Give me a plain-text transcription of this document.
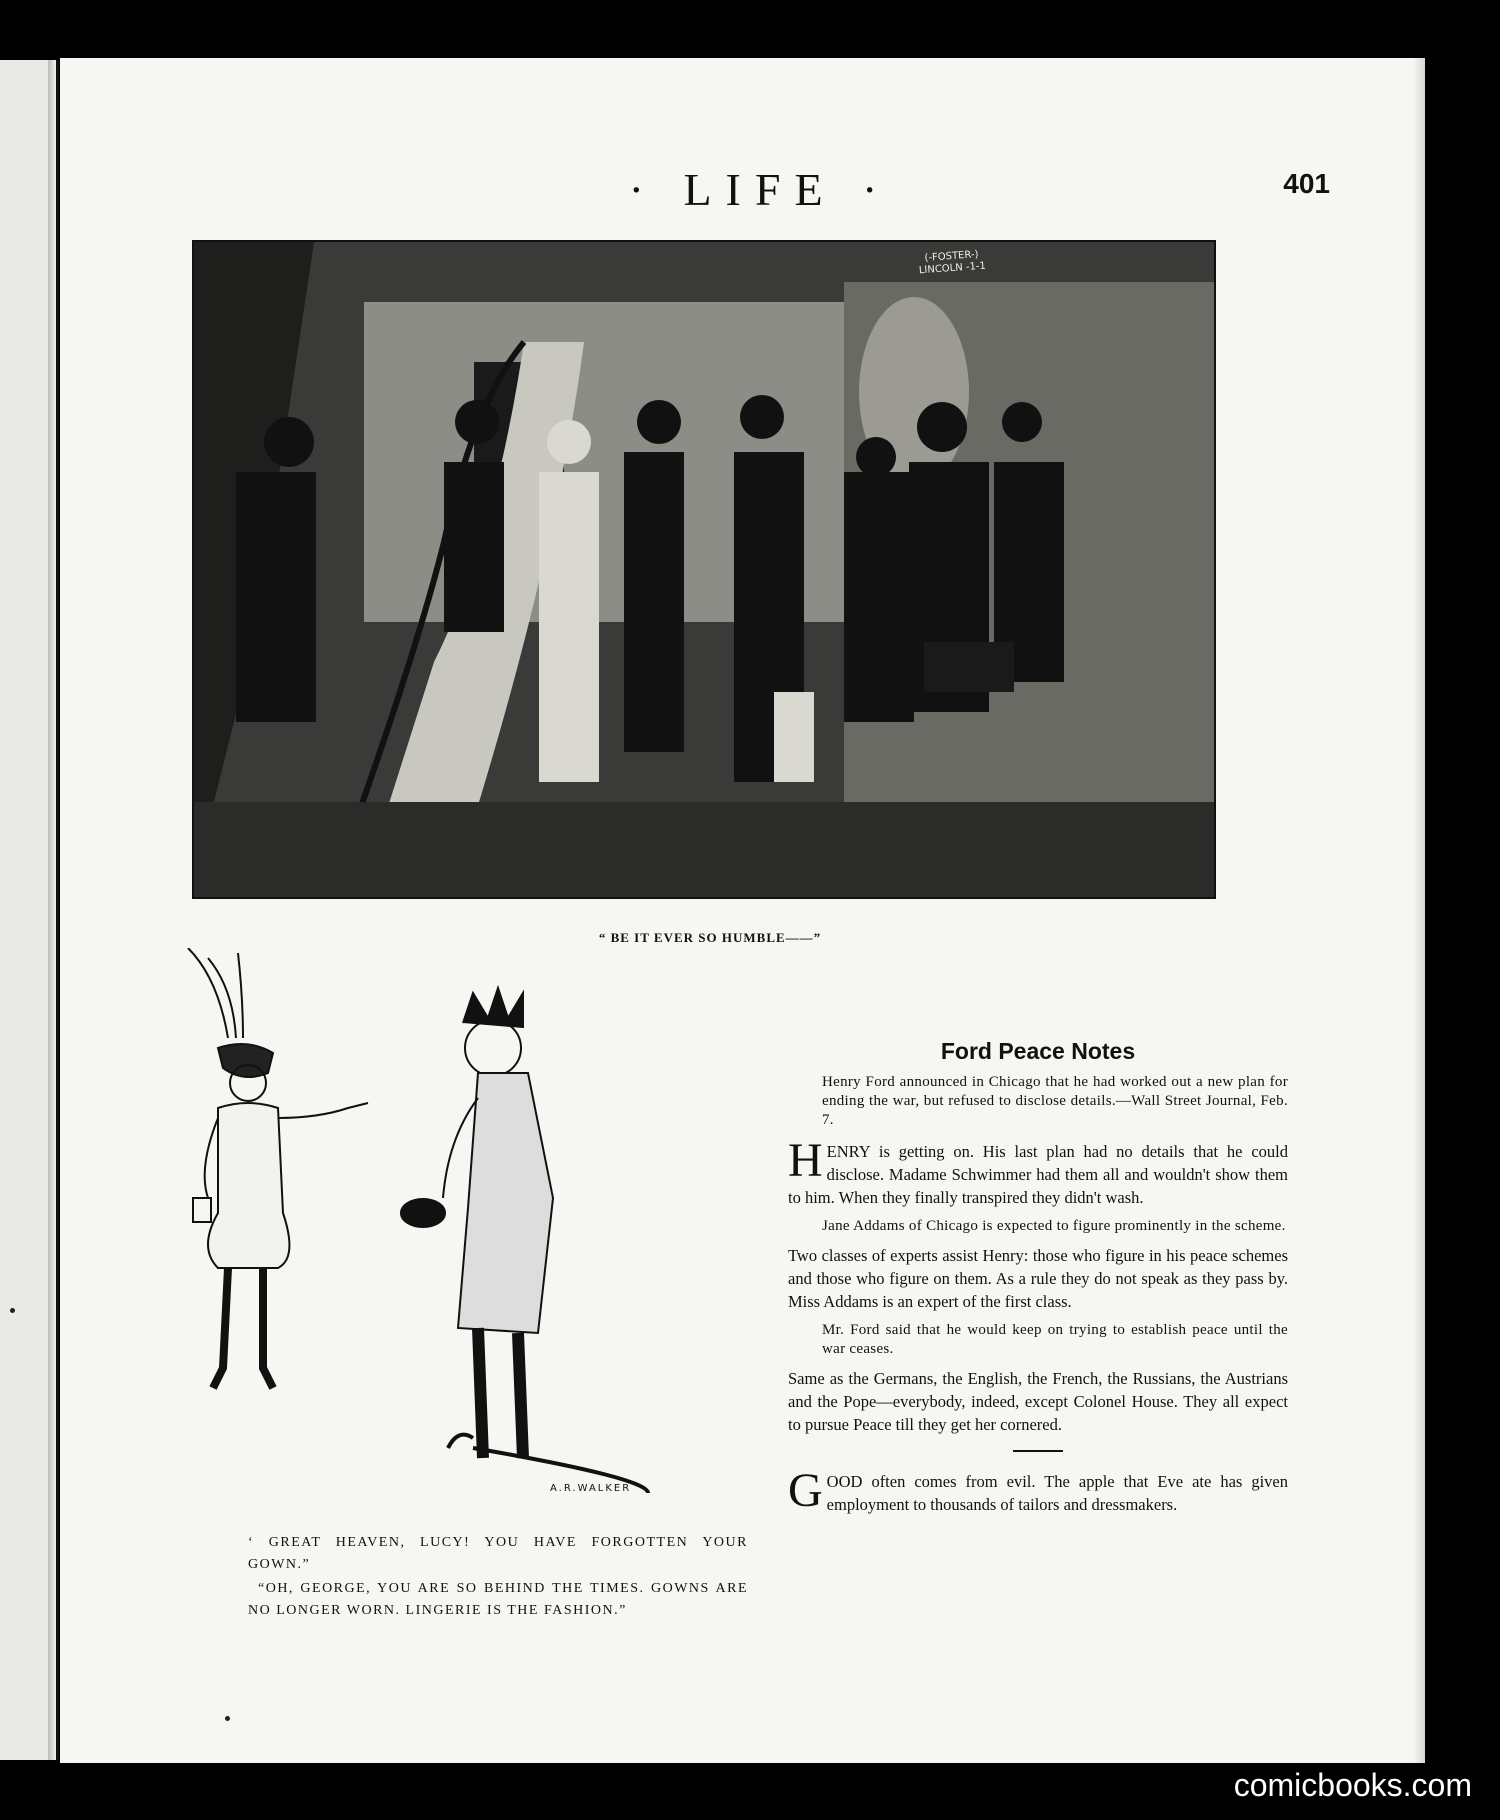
· LIFE ·	401
(-FOSTER-) LINCOLN -1-1
“ BE IT EVER SO HUMBLE——”
A.R.WALKER

‘ GREAT HEAVEN, LUCY! YOU HAVE FORGOTTEN YOUR GOWN.”

“OH, GEORGE, YOU ARE SO BEHIND THE TIMES. GOWNS ARE NO LONGER WORN. LINGERIE IS THE FASHION.”

Ford Peace Notes

Henry Ford announced in Chicago that he had worked out a new plan for ending the war, but refused to disclose details.—Wall Street Journal, Feb. 7.

HENRY is getting on. His last plan had no details that he could disclose. Madame Schwimmer had them all and wouldn't show them to him. When they finally transpired they didn't wash.

Jane Addams of Chicago is expected to figure prominently in the scheme.

Two classes of experts assist Henry: those who figure in his peace schemes and those who figure on them. As a rule they do not speak as they pass by. Miss Addams is an expert of the first class.

Mr. Ford said that he would keep on trying to establish peace until the war ceases.

Same as the Germans, the English, the French, the Russians, the Austrians and the Pope—everybody, indeed, except Colonel House. They all expect to pursue Peace till they get her cornered.

GOOD often comes from evil. The apple that Eve ate has given employment to thousands of tailors and dressmakers.

comicbooks.com
